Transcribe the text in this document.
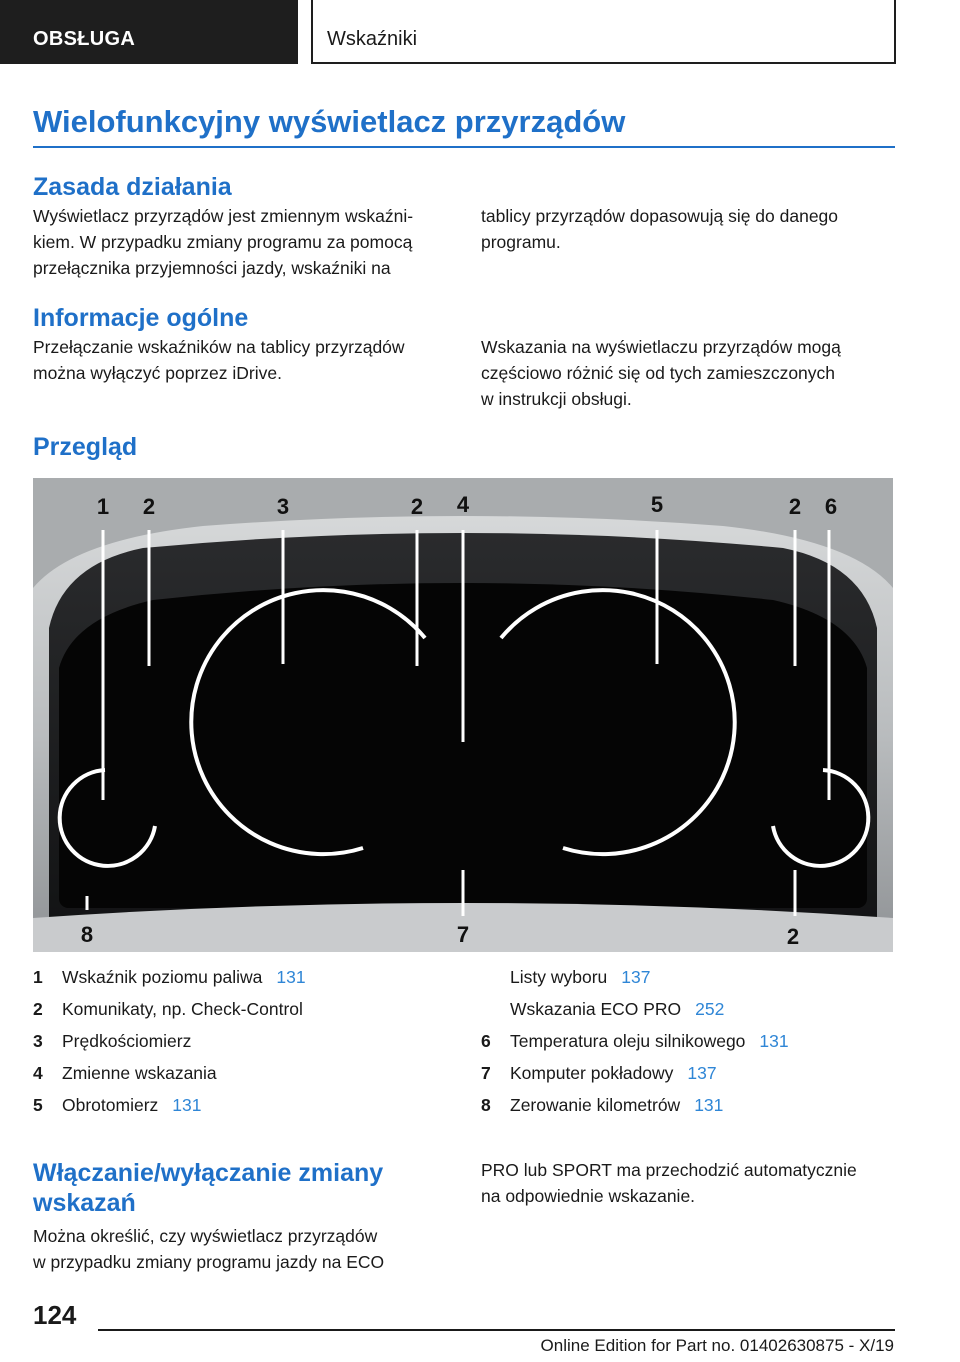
OBSŁUGA	Wskaźniki
Wielofunkcyjny wyświetlacz przyrządów
Zasada działania
Wyświetlacz przyrządów jest zmiennym wskaźni-
kiem. W przypadku zmiany programu za pomocą
przełącznika przyjemności jazdy, wskaźniki na
tablicy przyrządów dopasowują się do danego
programu.
Informacje ogólne
Przełączanie wskaźników na tablicy przyrządów
można wyłączyć poprzez iDrive.
Wskazania na wyświetlaczu przyrządów mogą
częściowo różnić się od tych zamieszczonych
w instrukcji obsługi.
Przegląd
1 2	3	2 4	5	2 6
8	7	2
1 Wskaźnik poziomu paliwa 131
2 Komunikaty, np. Check-Control
3 Prędkościomierz
4 Zmienne wskazania
5 Obrotomierz 131
Listy wyboru 137
Wskazania ECO PRO 252
6 Temperatura oleju silnikowego 131
7 Komputer pokładowy 137
8 Zerowanie kilometrów 131
Włączanie/wyłączanie zmiany
wskazań
Można określić, czy wyświetlacz przyrządów
w przypadku zmiany programu jazdy na ECO
PRO lub SPORT ma przechodzić automatycznie
na odpowiednie wskazanie.
124
Online Edition for Part no. 01402630875 - X/19
